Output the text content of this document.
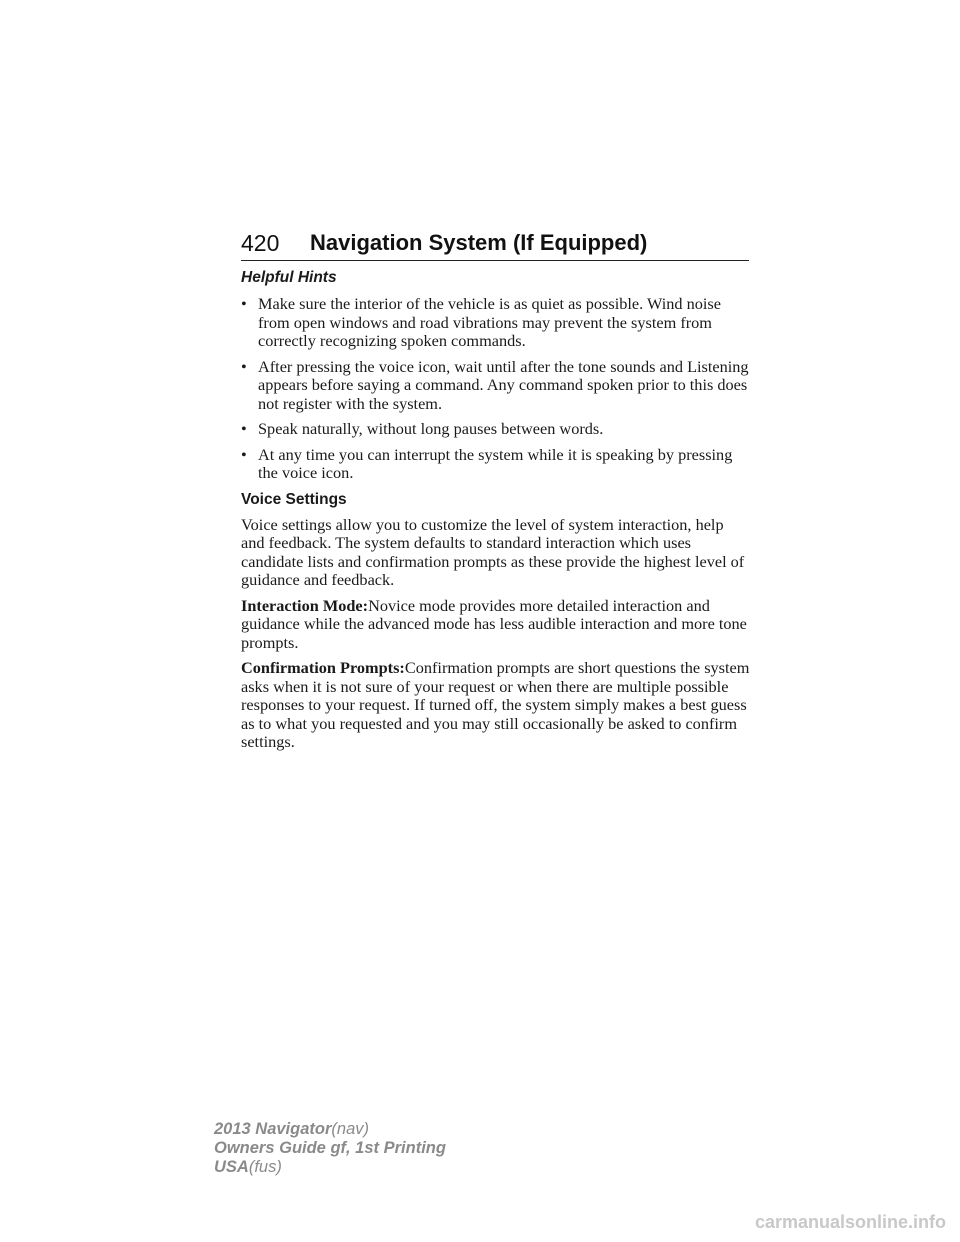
420 Navigation System (If Equipped)
Helpful Hints
• Make sure the interior of the vehicle is as quiet as possible. Wind noise from open windows and road vibrations may prevent the system from correctly recognizing spoken commands.
• After pressing the voice icon, wait until after the tone sounds and Listening appears before saying a command. Any command spoken prior to this does not register with the system.
• Speak naturally, without long pauses between words.
• At any time you can interrupt the system while it is speaking by pressing the voice icon.
Voice Settings

Voice settings allow you to customize the level of system interaction, help and feedback. The system defaults to standard interaction which uses candidate lists and confirmation prompts as these provide the highest level of guidance and feedback.

Interaction Mode:Novice mode provides more detailed interaction and guidance while the advanced mode has less audible interaction and more tone prompts.

Confirmation Prompts:Confirmation prompts are short questions the system asks when it is not sure of your request or when there are multiple possible responses to your request. If turned off, the system simply makes a best guess as to what you requested and you may still occasionally be asked to confirm settings.

2013 Navigator(nav)
Owners Guide gf, 1st Printing
USA(fus)
carmanualsonline.info
